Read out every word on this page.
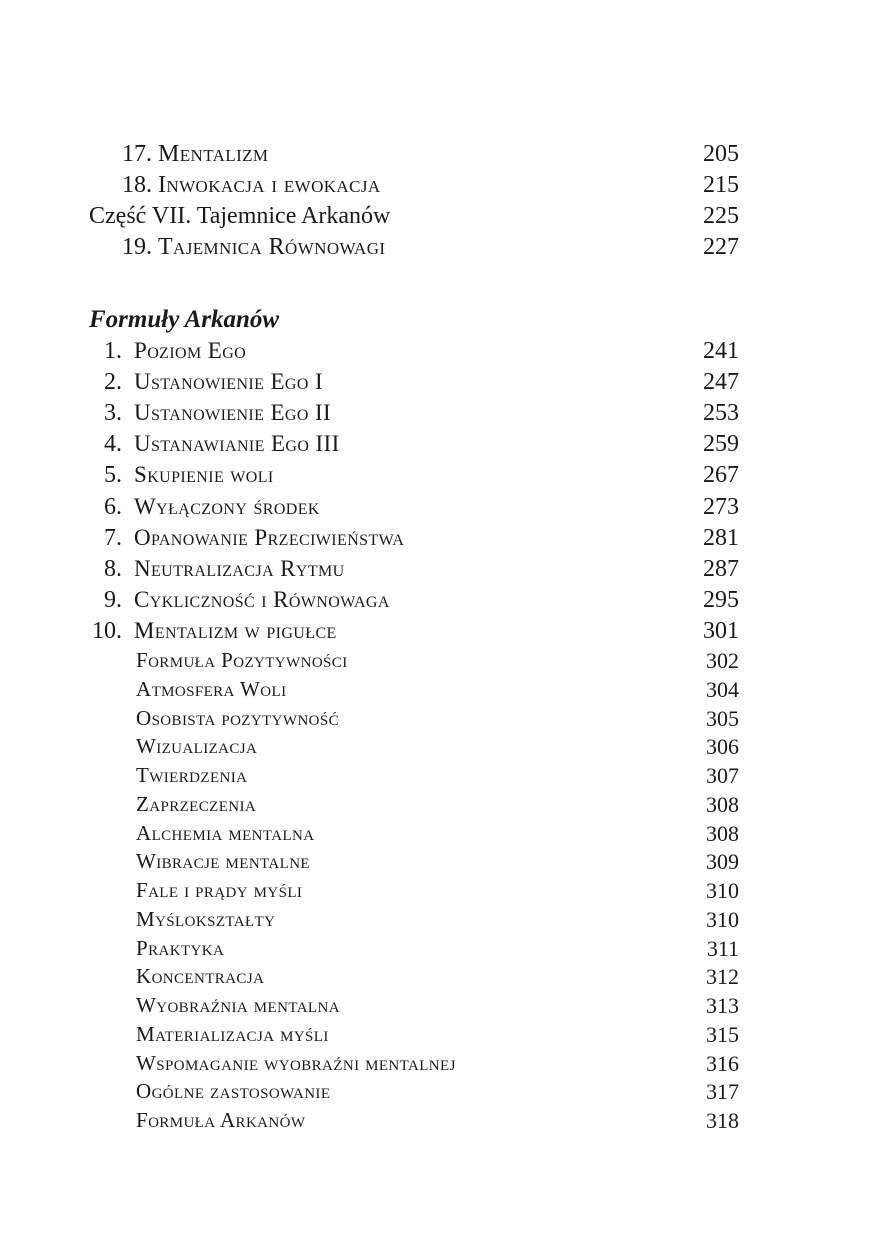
17. Mentalizm	205
18. Inwokacja i ewokacja	215
Część VII. Tajemnice Arkanów	225
19. Tajemnica Równowagi	227
Formuły Arkanów
1. Poziom Ego	241
2. Ustanowienie Ego I	247
3. Ustanowienie Ego II	253
4. Ustanawianie Ego III	259
5. Skupienie woli	267
6. Wyłączony środek	273
7. Opanowanie Przeciwieństwa	281
8. Neutralizacja Rytmu	287
9. Cykliczność i Równowaga	295
10. Mentalizm w pigułce	301
Formuła Pozytywności	302
Atmosfera Woli	304
Osobista pozytywność	305
Wizualizacja	306
Twierdzenia	307
Zaprzeczenia	308
Alchemia mentalna	308
Wibracje mentalne	309
Fale i prądy myśli	310
Myślokształty	310
Praktyka	311
Koncentracja	312
Wyobraźnia mentalna	313
Materializacja myśli	315
Wspomaganie wyobraźni mentalnej	316
Ogólne zastosowanie	317
Formuła Arkanów	318
